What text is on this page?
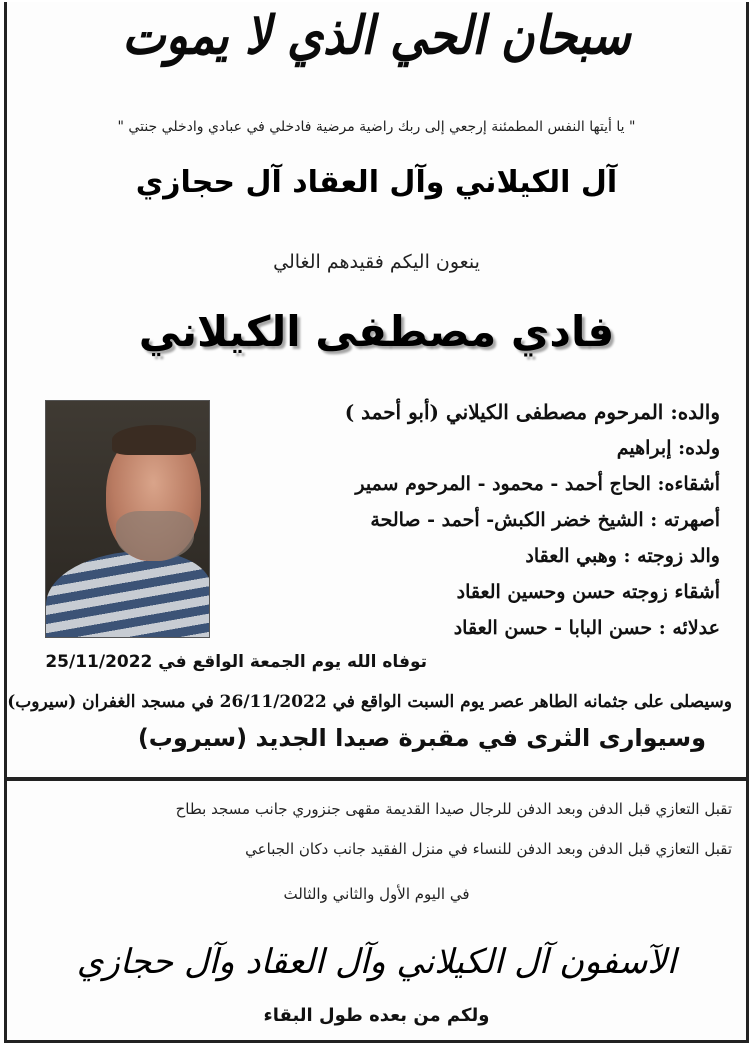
سبحان الحي الذي لا يموت
" يا أيتها النفس المطمئنة إرجعي إلى ربك راضية مرضية فادخلي في عبادي وادخلي جنتي "
آل الكيلاني وآل العقاد آل حجازي
ينعون اليكم فقيدهم الغالي
فادي مصطفى الكيلاني
والده: المرحوم مصطفى الكيلاني (أبو أحمد )
ولده: إبراهيم
أشقاءه: الحاج أحمد - محمود - المرحوم سمير
أصهرته : الشيخ خضر الكبش- أحمد - صالحة
والد زوجته : وهبي العقاد
أشقاء زوجته حسن وحسين العقاد
عدلائه : حسن البابا - حسن العقاد
توفاه الله يوم الجمعة الواقع في 25/11/2022
وسيصلى على جثمانه الطاهر عصر يوم السبت الواقع في 26/11/2022 في مسجد الغفران (سيروب)
وسيوارى الثرى في مقبرة صيدا الجديد (سيروب)
تقبل التعازي قبل الدفن وبعد الدفن للرجال صيدا القديمة مقهى جنزوري جانب مسجد بطاح
تقبل التعازي قبل الدفن وبعد الدفن للنساء في منزل الفقيد جانب دكان الجباعي
في اليوم الأول والثاني والثالث
الآسفون آل الكيلاني وآل العقاد وآل حجازي
ولكم من بعده طول البقاء
